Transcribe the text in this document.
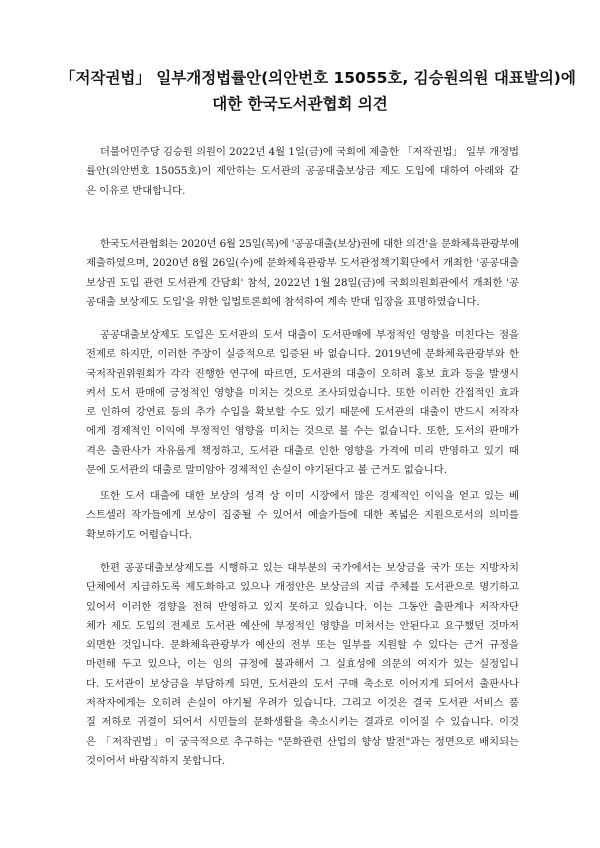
「저작권법」 일부개정법률안(의안번호 15055호, 김승원의원 대표발의)에
대한 한국도서관협회 의견
더불어민주당 김승원 의원이 2022년 4월 1일(금)에 국회에 제출한 「저작권법」 일부 개정법
률안(의안번호 15055호)이 제안하는 도서관의 공공대출보상금 제도 도입에 대하여 아래와 같
은 이유로 반대합니다.
한국도서관협회는 2020년 6월 25일(목)에 '공공대출(보상)권에 대한 의견'을 문화체육관광부에
제출하였으며, 2020년 8월 26일(수)에 문화체육관광부 도서관정책기획단에서 개최한 '공공대출
보상권 도입 관련 도서관계 간담회' 참석, 2022년 1월 28일(금)에 국회의원회관에서 개최한 '공
공대출 보상제도 도입'을 위한 입법토론회에 참석하여 계속 반대 입장을 표명하였습니다.
공공대출보상제도 도입은 도서관의 도서 대출이 도서판매에 부정적인 영향을 미친다는 점을
전제로 하지만, 이러한 주장이 실증적으로 입증된 바 없습니다. 2019년에 문화체육관광부와 한
국저작권위원회가 각각 진행한 연구에 따르면, 도서관의 대출이 오히려 홍보 효과 등을 발생시
켜서 도서 판매에 긍정적인 영향을 미치는 것으로 조사되었습니다. 또한 이러한 간접적인 효과
로 인하여 강연료 등의 추가 수입을 확보할 수도 있기 때문에 도서관의 대출이 반드시 저작자
에게 경제적인 이익에 부정적인 영향을 미치는 것으로 볼 수는 없습니다. 또한, 도서의 판매가
격은 출판사가 자유롭게 책정하고, 도서관 대출로 인한 영향을 가격에 미리 반영하고 있기 때
문에 도서관의 대출로 말미암아 경제적인 손실이 야기된다고 볼 근거도 없습니다.
또한 도서 대출에 대한 보상의 성격 상 이미 시장에서 많은 경제적인 이익을 얻고 있는 베
스트셀러 작가들에게 보상이 집중될 수 있어서 예술가들에 대한 폭넓은 지원으로서의 의미를
확보하기도 어렵습니다.
한편 공공대출보상제도를 시행하고 있는 대부분의 국가에서는 보상금을 국가 또는 지방자치
단체에서 지급하도록 제도화하고 있으나 개정안은 보상금의 지급 주체를 도서관으로 명기하고
있어서 이러한 경향을 전혀 반영하고 있지 못하고 있습니다. 이는 그동안 출판계나 저작자단
체가 제도 도입의 전제로 도서관 예산에 부정적인 영향을 미쳐서는 안된다고 요구했던 것마저
외면한 것입니다. 문화체육관광부가 예산의 전부 또는 일부를 지원할 수 있다는 근거 규정을
마련해 두고 있으나, 이는 임의 규정에 불과해서 그 실효성에 의문의 여지가 있는 실정입니
다. 도서관이 보상금을 부담하게 되면, 도서관의 도서 구매 축소로 이어지게 되어서 출판사나
저작자에게는 오히려 손실이 야기될 우려가 있습니다. 그리고 이것은 결국 도서관 서비스 품
질 저하로 귀결이 되어서 시민들의 문화생활을 축소시키는 결과로 이어질 수 있습니다. 이것
은 「저작권법」이 궁극적으로 추구하는 "문화관련 산업의 향상 발전"과는 정면으로 배치되는
것이어서 바람직하지 못합니다.
